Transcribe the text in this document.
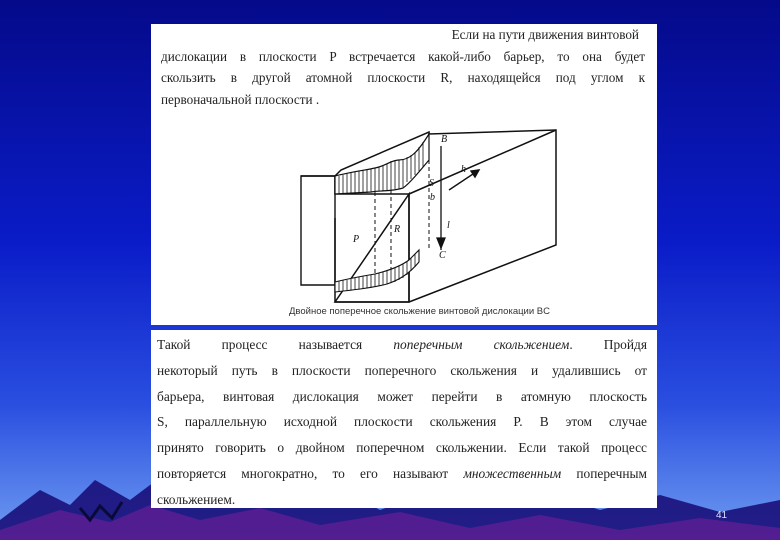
Если на пути движения винтовой
дислокации в плоскости P встречается какой-либо барьер, то она будет
скользить в другой атомной плоскости R, находящейся под углом к
первоначальной плоскости .
B
h
S
b
l
R
P
C
Двойное поперечное скольжение винтовой дислокации BC
Такой процесс называется поперечным скольжением. Пройдя
некоторый путь в плоскости поперечного скольжения и удалившись от
барьера, винтовая дислокация может перейти в атомную плоскость
S, параллельную исходной плоскости скольжения P. В этом случае
принято говорить о двойном поперечном скольжении. Если такой процесс
повторяется многократно, то его называют множественным поперечным
скольжением.
41
